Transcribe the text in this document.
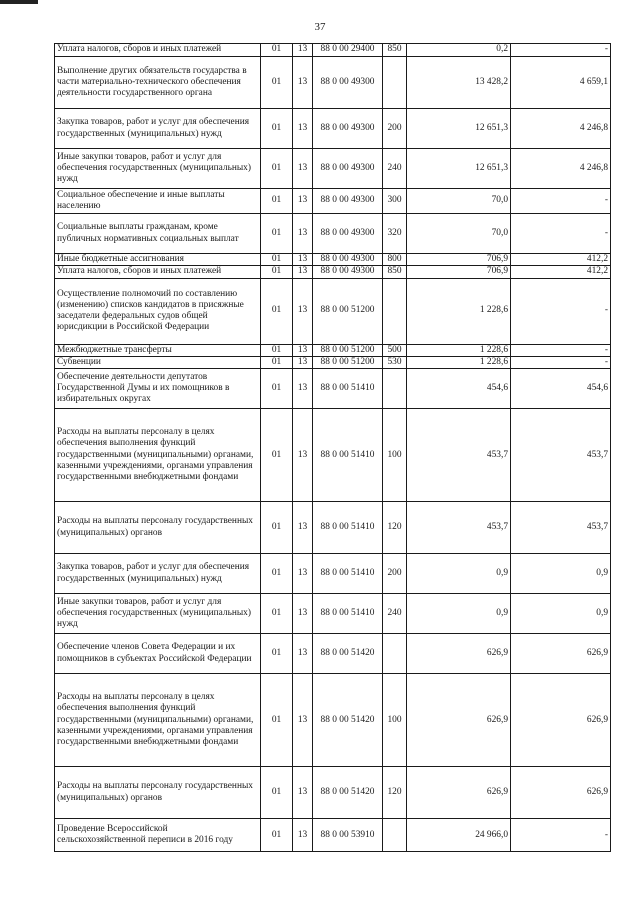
37
Уплата налогов, сборов и иных платежей	01	13	88 0 00 29400	850	0,2	-
Выполнение других обязательств государства в части материально-технического обеспечения деятельности государственного органа	01	13	88 0 00 49300		13 428,2	4 659,1
Закупка товаров, работ и услуг для обеспечения государственных (муниципальных) нужд	01	13	88 0 00 49300	200	12 651,3	4 246,8
Иные закупки товаров, работ и услуг для обеспечения государственных (муниципальных) нужд	01	13	88 0 00 49300	240	12 651,3	4 246,8
Социальное обеспечение и иные выплаты населению	01	13	88 0 00 49300	300	70,0	-
Социальные выплаты гражданам, кроме публичных нормативных социальных выплат	01	13	88 0 00 49300	320	70,0	-
Иные бюджетные ассигнования	01	13	88 0 00 49300	800	706,9	412,2
Уплата налогов, сборов и иных платежей	01	13	88 0 00 49300	850	706,9	412,2
Осуществление полномочий по составлению (изменению) списков кандидатов в присяжные заседатели федеральных судов общей юрисдикции в Российской Федерации	01	13	88 0 00 51200		1 228,6	-
Межбюджетные трансферты	01	13	88 0 00 51200	500	1 228,6	-
Субвенции	01	13	88 0 00 51200	530	1 228,6	-
Обеспечение деятельности депутатов Государственной Думы и их помощников в избирательных округах	01	13	88 0 00 51410		454,6	454,6
Расходы на выплаты персоналу в целях обеспечения выполнения функций государственными (муниципальными) органами, казенными учреждениями, органами управления государственными внебюджетными фондами	01	13	88 0 00 51410	100	453,7	453,7
Расходы на выплаты персоналу государственных (муниципальных) органов	01	13	88 0 00 51410	120	453,7	453,7
Закупка товаров, работ и услуг для обеспечения государственных (муниципальных) нужд	01	13	88 0 00 51410	200	0,9	0,9
Иные закупки товаров, работ и услуг для обеспечения государственных (муниципальных) нужд	01	13	88 0 00 51410	240	0,9	0,9
Обеспечение членов Совета Федерации и их помощников в субъектах Российской Федерации	01	13	88 0 00 51420		626,9	626,9
Расходы на выплаты персоналу в целях обеспечения выполнения функций государственными (муниципальными) органами, казенными учреждениями, органами управления государственными внебюджетными фондами	01	13	88 0 00 51420	100	626,9	626,9
Расходы на выплаты персоналу государственных (муниципальных) органов	01	13	88 0 00 51420	120	626,9	626,9
Проведение Всероссийской сельскохозяйственной переписи в 2016 году	01	13	88 0 00 53910		24 966,0	-
